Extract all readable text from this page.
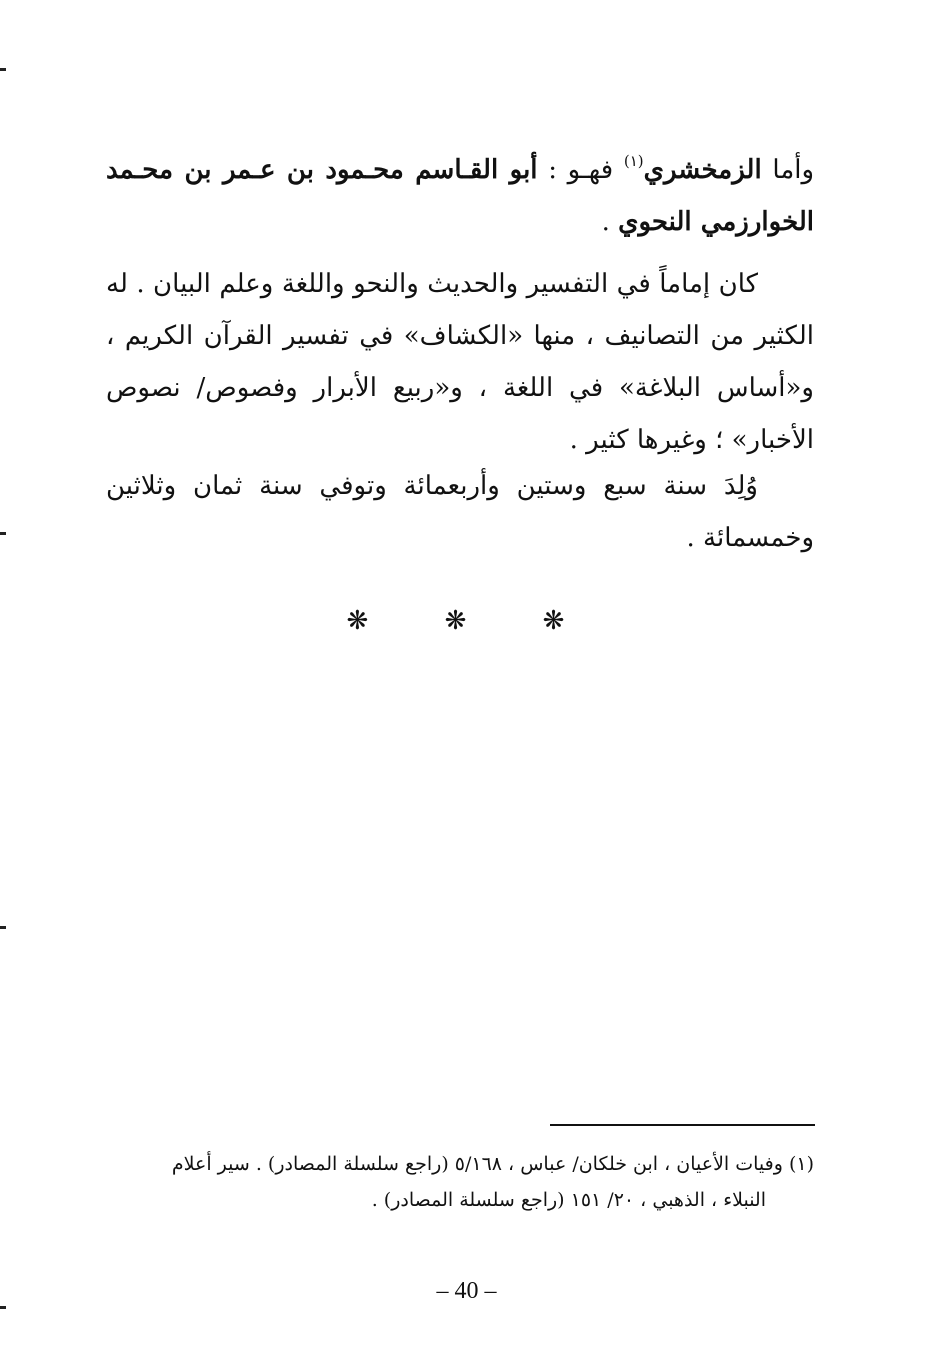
وأما الزمخشري$^{(١)}$ فهـو : أبو القـاسم محـمود بن عـمر بن محـمد الخوارزمي النحوي .
كان إماماً في التفسير والحديث والنحو واللغة وعلم البيان . له الكثير من التصانيف ، منها «الكشاف» في تفسير القرآن الكريم ، و«أساس البلاغة» في اللغة ، و«ربيع الأبرار وفصوص/ نصوص الأخبار» ؛ وغيرها كثير .
وُلِدَ سنة سبع وستين وأربعمائة وتوفي سنة ثمان وثلاثين وخمسمائة .
❋ ❋ ❋
(١) وفيات الأعيان ، ابن خلكان/ عباس ، ٥/١٦٨ (راجع سلسلة المصادر) . سير أعلام
النبلاء ، الذهبي ، ٢٠/ ١٥١ (راجع سلسلة المصادر) .
– 40 –
